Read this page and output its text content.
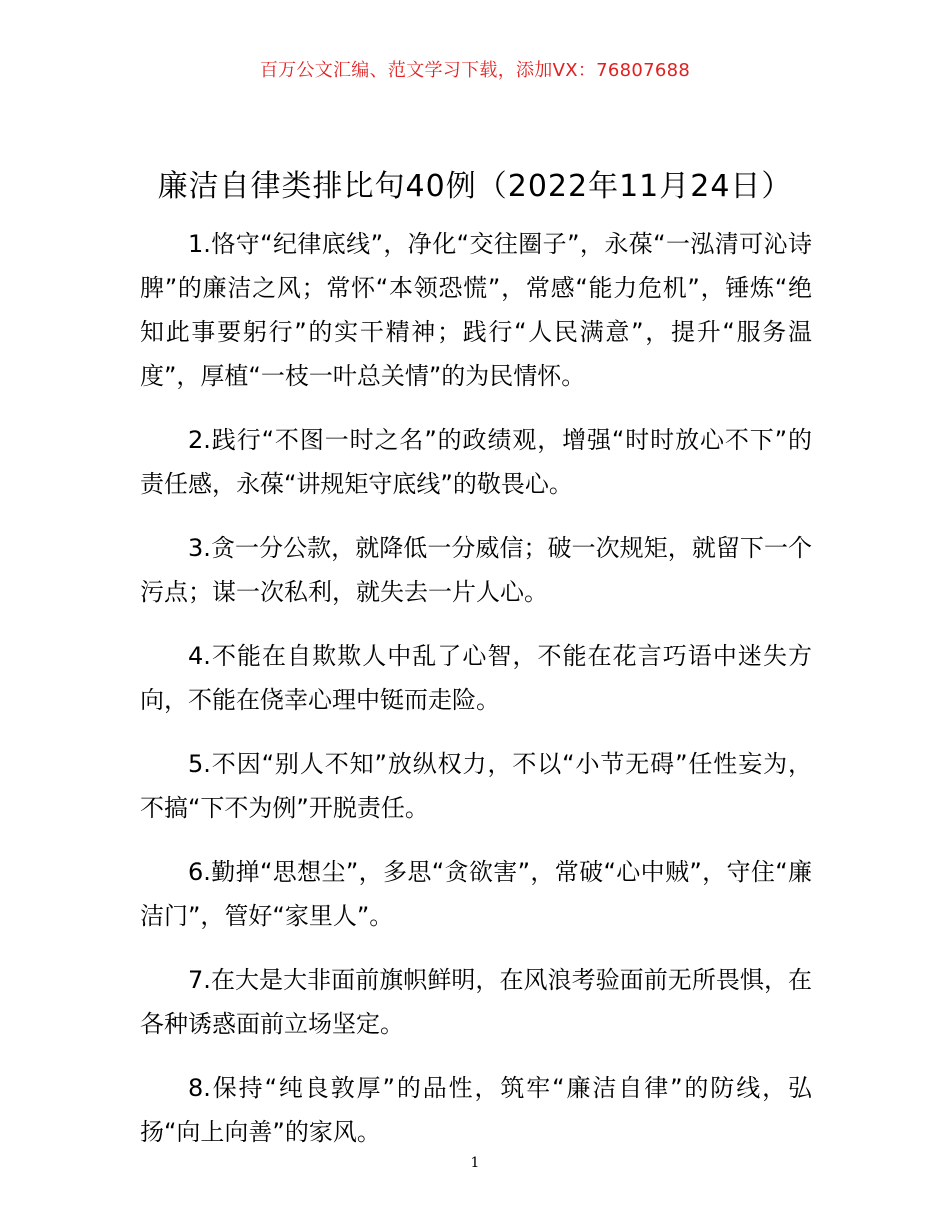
百万公文汇编、范文学习下载，添加VX：76807688
廉洁自律类排比句40例（2022年11月24日）

1.恪守“纪律底线”，净化“交往圈子”，永葆“一泓清可沁诗脾”的廉洁之风；常怀“本领恐慌”，常感“能力危机”，锤炼“绝知此事要躬行”的实干精神；践行“人民满意”，提升“服务温度”，厚植“一枝一叶总关情”的为民情怀。

2.践行“不图一时之名”的政绩观，增强“时时放心不下”的责任感，永葆“讲规矩守底线”的敬畏心。

3.贪一分公款，就降低一分威信；破一次规矩，就留下一个污点；谋一次私利，就失去一片人心。

4.不能在自欺欺人中乱了心智，不能在花言巧语中迷失方向，不能在侥幸心理中铤而走险。

5.不因“别人不知”放纵权力，不以“小节无碍”任性妄为，不搞“下不为例”开脱责任。

6.勤掸“思想尘”，多思“贪欲害”，常破“心中贼”，守住“廉洁门”，管好“家里人”。

7.在大是大非面前旗帜鲜明，在风浪考验面前无所畏惧，在各种诱惑面前立场坚定。

8.保持“纯良敦厚”的品性，筑牢“廉洁自律”的防线，弘扬“向上向善”的家风。

1
